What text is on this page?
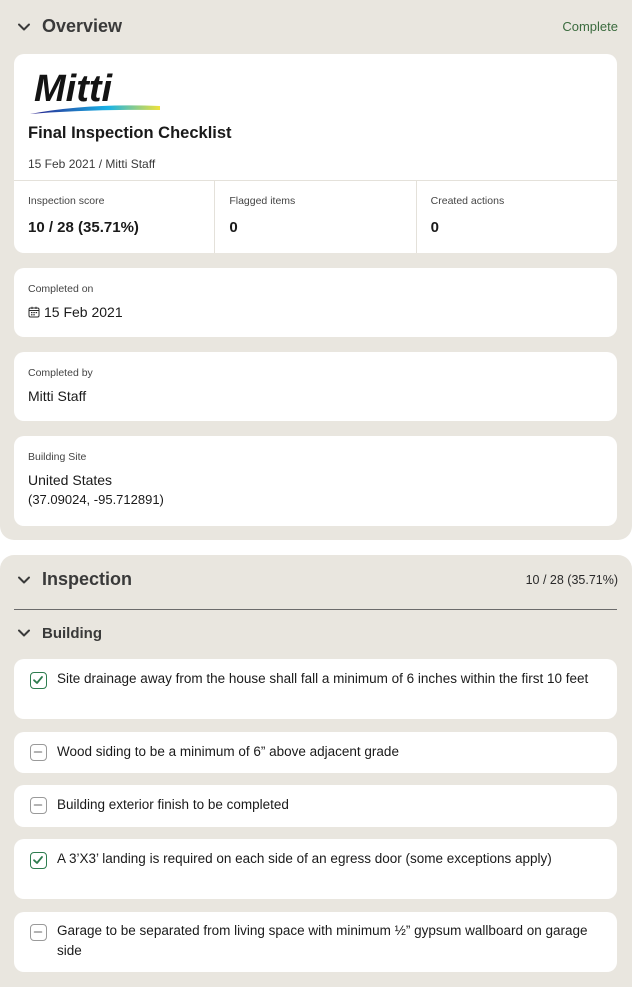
Overview	Complete
Mitti
Final Inspection Checklist
15 Feb 2021 / Mitti Staff
Inspection score
10 / 28 (35.71%)
Flagged items
0
Created actions
0
Completed on
15 Feb 2021
Completed by
Mitti Staff
Building Site
United States
(37.09024, -95.712891)
Inspection	10 / 28 (35.71%)
Building
Site drainage away from the house shall fall a minimum of 6 inches within the first 10 feet
Wood siding to be a minimum of 6” above adjacent grade
Building exterior finish to be completed
A 3’X3’ landing is required on each side of an egress door (some exceptions apply)
Garage to be separated from living space with minimum ½” gypsum wallboard on garage side
